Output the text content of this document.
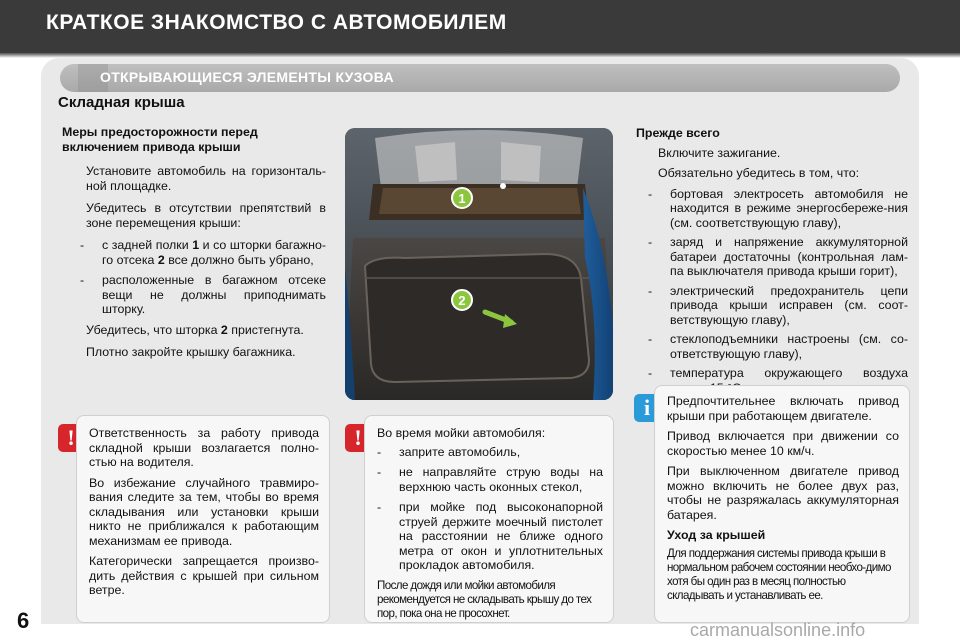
КРАТКОЕ ЗНАКОМСТВО С АВТОМОБИЛЕМ
ОТКРЫВАЮЩИЕСЯ ЭЛЕМЕНТЫ КУЗОВА
Складная крыша
Меры предосторожности перед включением привода крыши
Установите автомобиль на горизонталь-ной площадке.
Убедитесь в отсутствии препятствий в зоне перемещения крыши:
- с задней полки 1 и со шторки багажно-го отсека 2 все должно быть убрано,
- расположенные в багажном отсеке вещи не должны приподнимать шторку.
Убедитесь, что шторка 2 пристегнута.
Плотно закройте крышку багажника.
1
2
Прежде всего
Включите зажигание.
Обязательно убедитесь в том, что:
- бортовая электросеть автомобиля не находится в режиме энергосбереже-ния (см. соответствующую главу),
- заряд и напряжение аккумуляторной батареи достаточны (контрольная лам-па выключателя привода крыши горит),
- электрический предохранитель цепи привода крыши исправен (см. соот-ветствующую главу),
- стеклоподъемники настроены (см. со-ответствующую главу),
- температура окружающего воздуха
!	Ответственность за работу привода складной крыши возлагается полно-стью на водителя.

Во избежание случайного травмиро-вания следите за тем, чтобы во время складывания или установки крыши никто не приближался к работающим механизмам ее привода.

Категорически запрещается произво-дить действия с крышей при сильном ветре.

!	Во время мойки автомобиля:

- заприте автомобиль,
- не направляйте струю воды на верхнюю часть оконных стекол,
- при мойке под высоконапорной струей держите моечный пистолет на расстоянии не ближе одного метра от окон и уплотнительных прокладок автомобиля.

После дождя или мойки автомобиля рекомендуется не складывать крышу до тех пор, пока она не просохнет.

i	Предпочтительнее включать привод крыши при работающем двигателе.

Привод включается при движении со скоростью менее 10 км/ч.

При выключенном двигателе привод можно включить не более двух раз, чтобы не разряжалась аккумуляторная батарея.

Уход за крышей

Для поддержания системы привода крыши в нормальном рабочем состоянии необхо-димо хотя бы один раз в месяц полностью складывать и устанавливать ее.

6	carmanualsonline.info
